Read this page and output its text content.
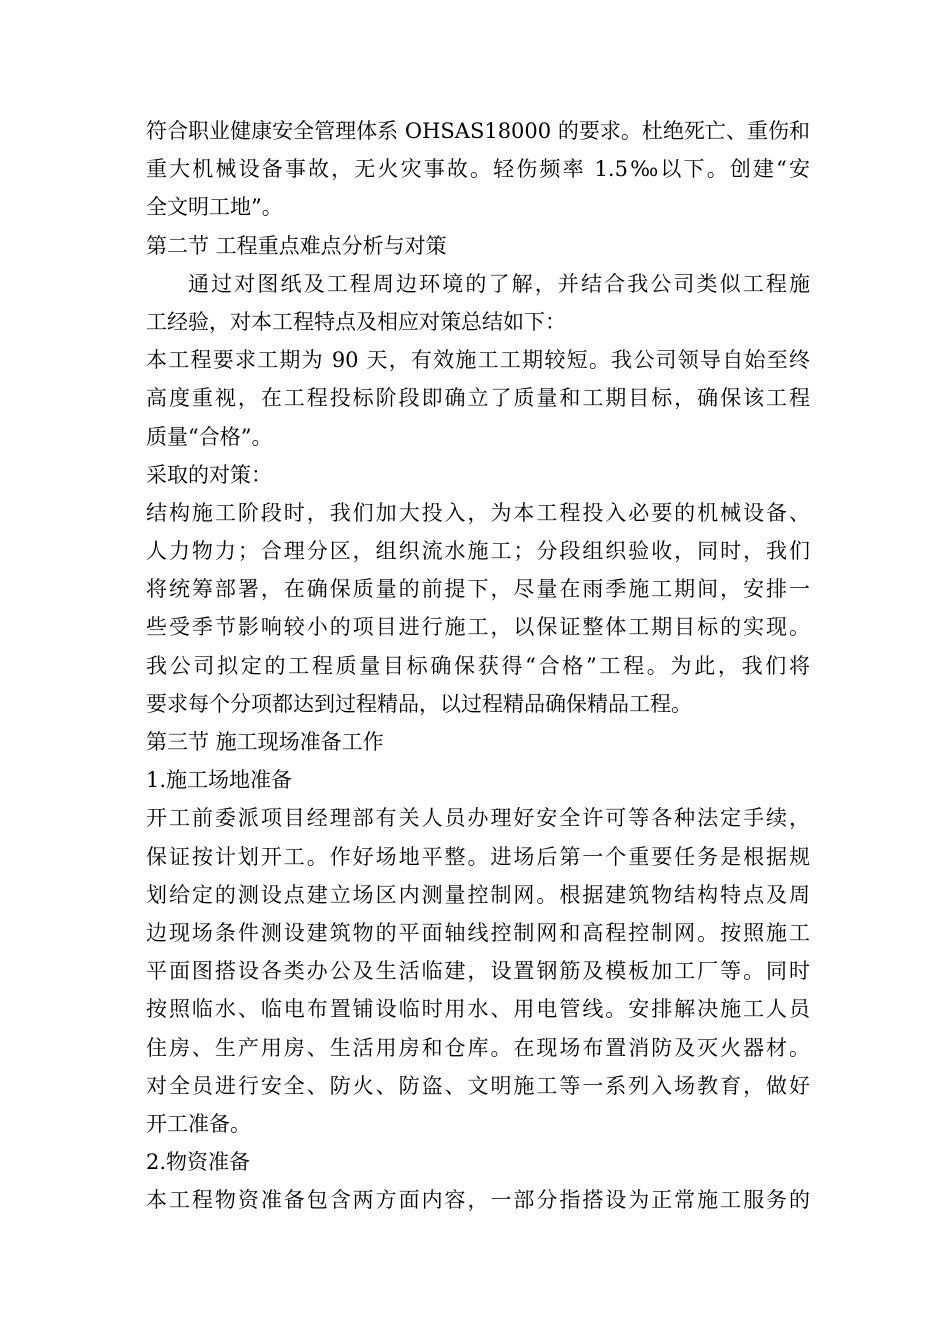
符合职业健康安全管理体系 OHSAS18000 的要求。杜绝死亡、重伤和
重大机械设备事故，无火灾事故。轻伤频率 1.5‰以下。创建“安
全文明工地”。
第二节 工程重点难点分析与对策
通过对图纸及工程周边环境的了解，并结合我公司类似工程施
工经验，对本工程特点及相应对策总结如下：
本工程要求工期为 90 天，有效施工工期较短。我公司领导自始至终
高度重视，在工程投标阶段即确立了质量和工期目标，确保该工程
质量“合格”。
采取的对策：
结构施工阶段时，我们加大投入，为本工程投入必要的机械设备、
人力物力；合理分区，组织流水施工；分段组织验收，同时，我们
将统筹部署，在确保质量的前提下，尽量在雨季施工期间，安排一
些受季节影响较小的项目进行施工，以保证整体工期目标的实现。
我公司拟定的工程质量目标确保获得“合格”工程。为此，我们将
要求每个分项都达到过程精品，以过程精品确保精品工程。
第三节 施工现场准备工作
1.施工场地准备
开工前委派项目经理部有关人员办理好安全许可等各种法定手续，
保证按计划开工。作好场地平整。进场后第一个重要任务是根据规
划给定的测设点建立场区内测量控制网。根据建筑物结构特点及周
边现场条件测设建筑物的平面轴线控制网和高程控制网。按照施工
平面图搭设各类办公及生活临建，设置钢筋及模板加工厂等。同时
按照临水、临电布置铺设临时用水、用电管线。安排解决施工人员
住房、生产用房、生活用房和仓库。在现场布置消防及灭火器材。
对全员进行安全、防火、防盗、文明施工等一系列入场教育，做好
开工准备。
2.物资准备
本工程物资准备包含两方面内容，一部分指搭设为正常施工服务的
